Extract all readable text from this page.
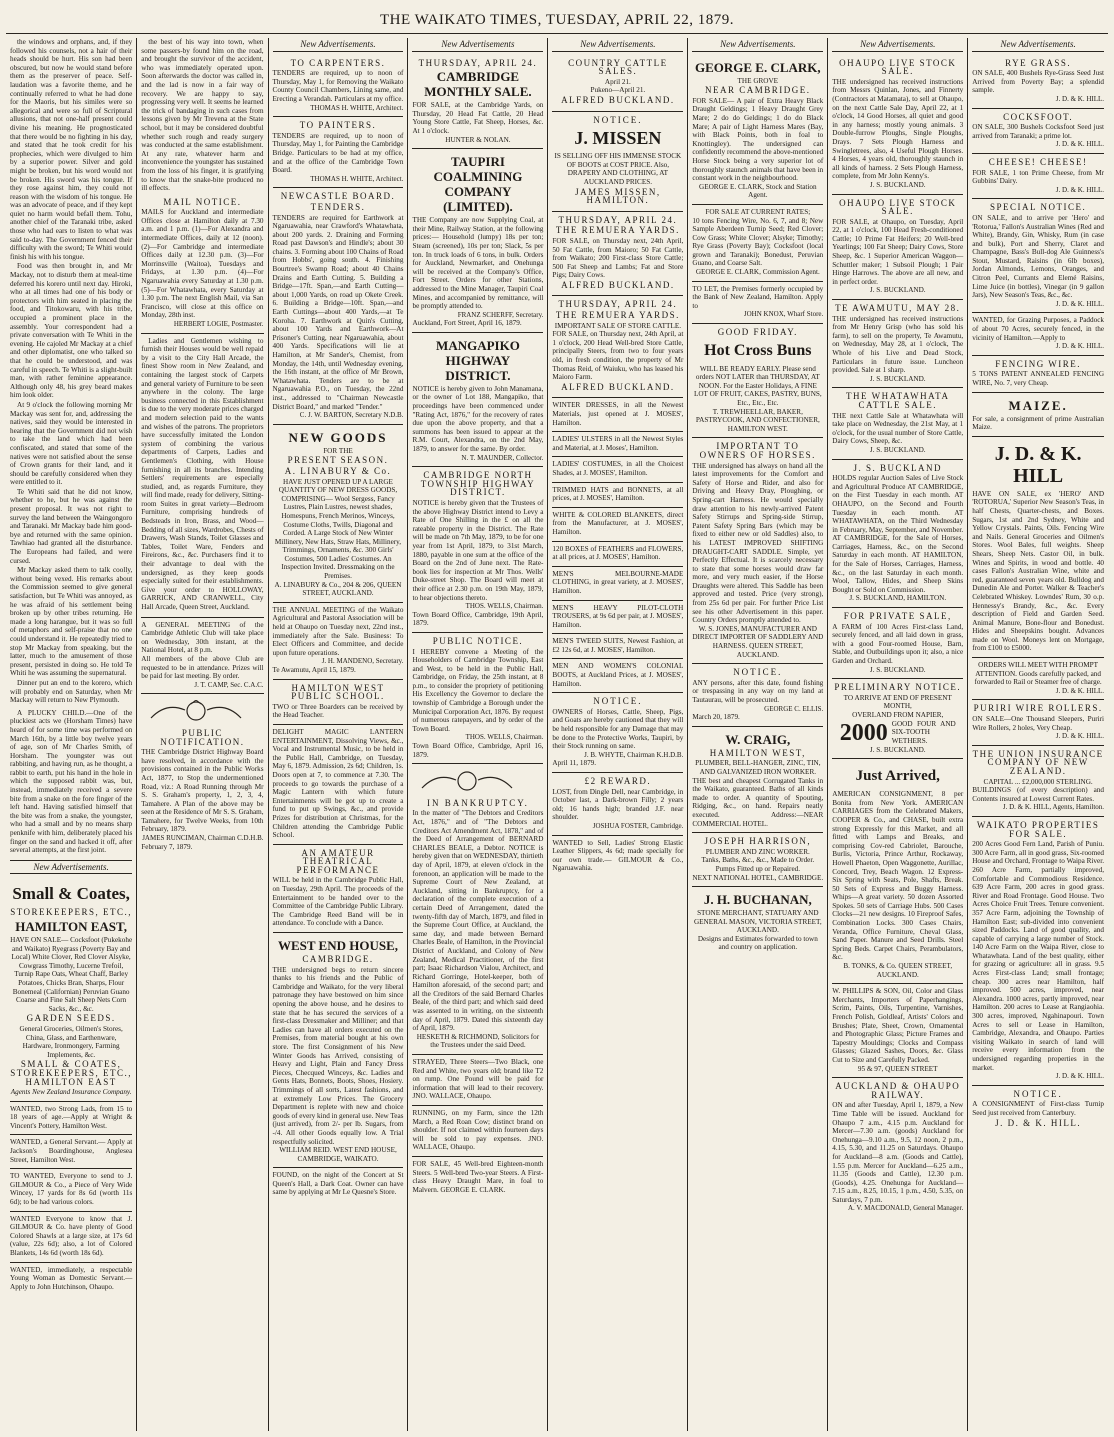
THE WAIKATO TIMES, TUESDAY, APRIL 22, 1879.

the windows and orphans, and, if they followed his counsels, not a hair of their heads should be hurt. His son had been obscured, but now he would stand before them as the preserver of peace. Self-laudation was a favorite theme, and he continually referred to what he had done for the Maoris, but his similes were so allegorical and were so full of Scriptural allusions, that not one-half present could divine his meaning. He prognosticated that there would be no fighting in his day, and stated that he took credit for his prophecies, which were divulged to him by a superior power. Silver and gold might be broken, but his word would not be broken. His sword was his tongue. If they rose against him, they could not reason with the wisdom of his tongue. He was an advocate of peace, and if they kept quiet no harm would befall them. Tohu, another chief of the Taranaki tribe, asked those who had ears to listen to what was said to-day. The Government fenced their difficulty with the sword; Te Whiti would finish his with his tongue.

Food was then brought in, and Mr Mackay, not to disturb them at meal-time deferred his korero until next day. Hiroki, who at all times had one of his body or protectors with him seated in placing the food, and Titokowaru, with his tribe, occupied a prominent place in the assembly. Your correspondent had a private conversation with Te Whiti in the evening. He cajoled Mr Mackay at a chief and other diplomatist, one who talked so that he could be understood, and was careful in speech. Te Whiti is a slight-built man, with rather feminine appearance. Although only 48, his grey beard makes him look older.

At 9 o'clock the following morning Mr Mackay was sent for, and, addressing the natives, said they would be interested in hearing that the Government did not wish to take the land which had been confiscated, and stated that some of the natives were not satisfied about the sense of Crown grants for their land, and it should be carefully considered when they were entitled to it.

Te Whiti said that he did not know, whether to he, but he was against the present proposal. It was not right to survey the land between the Waingongoro and Taranaki. Mr Mackay bade him good-bye and returned with the same opinion. Tawhiao had granted all the disturbance. The Europeans had failed, and were cursed.

Mr Mackay asked them to talk coolly, without being vexed. His remarks about the Commission seemed to give general satisfaction, but Te Whiti was annoyed, as he was afraid of his settlement being broken up by other tribes returning. He made a long harangue, but it was so full of metaphors and self-praise that no one could understand it. He repeatedly tried to stop Mr Mackay from speaking, but the latter, much to the amusement of those present, persisted in doing so. He told Te Whiti he was assuming the supernatural.

Dinner put an end to the korero, which will probably end on Saturday, when Mr Mackay will return to New Plymouth.

A PLUCKY CHILD.—One of the pluckiest acts we (Horsham Times) have heard of for some time was performed on March 16th, by a little boy twelve years of age, son of Mr Charles Smith, of Horsham. The youngster was out rabbiting, and having run, as he thought, a rabbit to earth, put his hand in the hole in which the supposed rabbit was, but, instead, immediately received a severe bite from a snake on the fore finger of the left hand. Having satisfied himself that the bite was from a snake, the youngster, who had a small and by no means sharp penknife with him, deliberately placed his finger on the sand and hacked it off, after several attempts, at the first joint.

New Advertisements.
Small & Coates,
STOREKEEPERS, ETC.,
HAMILTON EAST,
HAVE ON SALE— Cocksfoot (Pukekohe and Waikato) Ryegrass (Poverty Bay and Local) White Clover, Red Clover Alsyke, Cowgrass Timothy, Lucerne Trefoil, Turnip Rape Oats, Wheat Chaff, Barley Potatoes, Chicks Bran, Sharps, Flour Bonemeal (Californian) Peruvian Guano Coarse and Fine Salt Sheep Nets Corn Sacks, &c., &c.
GARDEN SEEDS.
General Groceries, Oilmen's Stores, China, Glass, and Earthenware, Hardware, Ironmongery, Farming Implements, &c.
SMALL & COATES, STOREKEEPERS, ETC., HAMILTON EAST
Agents New Zealand Insurance Company.
WANTED, two Strong Lads, from 15 to 18 years of age.—Apply at Wright & Vincent's Pottery, Hamilton West.
WANTED, a General Servant.— Apply at Jackson's Boardinghouse, Anglesea Street, Hamilton West.
TO WANTED, Everyone to send to J. GILMOUR & Co., a Piece of Very Wide Wincey, 17 yards for 8s 6d (worth 11s 6d); to be had various colors.
WANTED Everyone to know that J. GILMOUR & Co. have plenty of Good Colored Shawls at a large size, at 17s 6d (value, 22s 6d); also, a lot of Colored Blankets, 14s 6d (worth 18s 6d).
WANTED, immediately, a respectable Young Woman as Domestic Servant.—Apply to John Hutchinson, Ohaupo.

the best of his way into town, when some passers-by found him on the road, and brought the survivor of the accident, who was immediately operated upon. Soon afterwards the doctor was called in, and the lad is now in a fair way of recovery. We are happy to say, progressing very well. It seems he learned the trick of bandaging in such cases from lessons given by Mr Trevena at the State school, but it may be considered doubtful whether such rough and ready surgery was conducted at the same establishment. At any rate, whatever harm and inconvenience the youngster has sustained from the loss of his finger, it is gratifying to know that the snake-bite produced no ill effects.

MAIL NOTICE.
MAILS for Auckland and intermediate Offices close at Hamilton daily at 7.30 a.m. and 1 p.m. (1)—For Alexandra and intermediate Offices, daily at 12 (noon). (2)—For Cambridge and intermediate Offices daily at 12.30 p.m. (3)—For Morrinsville (Waitoa), Tuesdays and Fridays, at 1.30 p.m. (4)—For Ngaruawahia every Saturday at 1.30 p.m. (5)—For Whatawhata, every Saturday at 1.30 p.m. The next English Mail, via San Francisco, will close at this office on Monday, 28th inst.
HERBERT LOGIE, Postmaster.

Ladies and Gentlemen wishing to furnish their Houses would be well repaid by a visit to the City Hall Arcade, the finest Show room in New Zealand, and containing the largest stock of Carpets and general variety of Furniture to be seen anywhere in the colony. The large business connected in this Establishment is due to the very moderate prices charged and modern selection paid to the wants and wishes of the patrons. The proprietors have successfully imitated the London system of combining the various departments of Carpets, Ladies and Gentlemen's Clothing, with House furnishing in all its branches. Intending Settlers' requirements are especially studied, and, as regards Furniture, they will find made, ready for delivery, Sitting-room Suites in great variety—Bedroom Furniture, comprising hundreds of Bedsteads in Iron, Brass, and Wood—Bedding of all sizes, Wardrobes, Chests of Drawers, Wash Stands, Toilet Glasses and Tables, Toilet Ware, Fenders and Fireirons, &c., &c. Purchasers find it to their advantage to deal with the undersigned, as they keep goods especially suited for their establishments. Give your order to HOLLOWAY, GARRICK, AND CRANWELL, City Hall Arcade, Queen Street, Auckland.

A GENERAL MEETING of the Cambridge Athletic Club will take place on Wednesday, 30th instant, at the National Hotel, at 8 p.m.
All members of the above Club are requested to be in attendance. Prizes will be paid for last meeting. By order.
J. T. CAMP, Sec. C.A.C.
PUBLIC NOTIFICATION.
THE Cambridge District Highway Board have resolved, in accordance with the provisions contained in the Public Works Act, 1877, to Stop the undermentioned Road, viz.: A Road Running through Mr S. S. Graham's property, 1, 2, 3, 4, Tamahere. A Plan of the above may be seen at the Residence of Mr S. S. Graham, Tamahere, for Twelve Weeks, from 10th February, 1879.
JAMES RUNCIMAN, Chairman C.D.H.B.
February 7, 1879.
New Advertisements.
TO CARPENTERS.
TENDERS are required, up to noon of Thursday, May 1, for Removing the Waikato County Council Chambers, Lining same, and Erecting a Verandah. Particulars at my office.
THOMAS H. WHITE, Architect.
TO PAINTERS.
TENDERS are required, up to noon of Thursday, May 1, for Painting the Cambridge Bridge. Particulars to be had at my office, and at the office of the Cambridge Town Board.
THOMAS H. WHITE, Architect.
NEWCASTLE BOARD.
TENDERS.
TENDERS are required for Earthwork at Ngaruawahia, near Crawford's Whatawhata, about 200 yards. 2. Draining and Forming Road past Dawson's and Hindle's; about 30 chains. 3. Forming about 100 Chains of Road from Hobbs', going south. 4. Finishing Bourtree's Swamp Road; about 40 Chains Drains and Earth Cutting. 5. Building a Bridge—17ft. Span,—and Earth Cutting—about 1,000 Yards, on road up Okete Creek. 6. Building a Bridge—10ft. Span,—and Earth Cuttings—about 400 Yards,—at Te Koroha. 7. Earthwork at Quin's Cutting, about 100 Yards and Earthwork—At Prisoner's Cutting, near Ngaruawahia, about 400 Yards. Specifications will lie at Hamilton, at Mr Sander's, Chemist, from Monday, the 14th, until Wednesday evening, the 16th instant, at the office of Mr Brown, Whatawhata. Tenders are to be at Ngaruawahia P.O., on Tuesday, the 22nd inst., addressed to "Chairman Newcastle District Board," and marked "Tender."
C. J. W. BARTON, Secretary N.D.B.
NEW GOODS
FOR THE
PRESENT SEASON.
A. LINABURY & Co.
HAVE JUST OPENED UP A LARGE QUANTITY OF NEW DRESS GOODS, COMPRISING— Wool Sergess, Fancy Lustres, Plain Lustres, newest shades, Homespuns, French Merinos, Winceys, Costume Cloths, Twills, Diagonal and Corded. A Large Stock of New Winter Millinery, New Hats, Straw Hats, Millinery, Trimmings, Ornaments, &c. 300 Girls' Costumes, 500 Ladies' Costumes. An Inspection Invited. Dressmaking on the Premises.
A. LINABURY & Co., 204 & 206, QUEEN STREET, AUCKLAND.
THE ANNUAL MEETING of the Waikato Agricultural and Pastoral Association will be held at Ohaupo on Tuesday next, 22nd inst., immediately after the Sale. Business: To Elect Officers and Committee, and decide upon future operations.
J. H. MANDENO, Secretary.
Te Awamutu, April 15, 1879.
HAMILTON WEST PUBLIC SCHOOL.
TWO or Three Boarders can be received by the Head Teacher.
DELIGHT MAGIC LANTERN ENTERTAINMENT, Dissolving Views, &c., Vocal and Instrumental Music, to be held in the Public Hall, Cambridge, on Tuesday, May 6, 1879. Admission, 2s 6d; Children, 1s. Doors open at 7, to commence at 7.30. The proceeds to go towards the purchase of a Magic Lantern with which future Entertainments will be got up to create a fund to put up Swings, &c., and provide Prizes for distribution at Christmas, for the Children attending the Cambridge Public School.
AN AMATEUR THEATRICAL PERFORMANCE
WILL be held in the Cambridge Public Hall, on Tuesday, 29th April. The proceeds of the Entertainment to be handed over to the Committee of the Cambridge Public Library. The Cambridge Reed Band will be in attendance. To conclude with a Dance.
WEST END HOUSE,
CAMBRIDGE.
THE undersigned begs to return sincere thanks to his friends and the Public of Cambridge and Waikato, for the very liberal patronage they have bestowed on him since opening the above house, and he desires to state that he has secured the services of a first-class Dressmaker and Milliner; and that Ladies can have all orders executed on the Premises, from material bought at his own store. The first Consignment of his New Winter Goods has Arrived, consisting of Heavy and Light, Plain and Fancy Dress Pieces, Checqued Winceys, &c. Ladies and Gents Hats, Bonnets, Boots, Shoes, Hosiery. Trimmings of all sorts, Latest fashions, and at extremely Low Prices. The Grocery Department is replete with new and choice goods of every kind in general use. New Teas (just arrived), from 2/- per lb. Sugars, from -/4. All other Goods equally low. A Trial respectfully solicited.
WILLIAM REID. WEST END HOUSE, CAMBRIDGE, WAIKATO.
FOUND, on the night of the Concert at St Queen's Hall, a Dark Coat. Owner can have same by applying at Mr Le Quesne's Store.
New Advertisements
THURSDAY, APRIL 24.
CAMBRIDGE MONTHLY SALE.
FOR SALE, at the Cambridge Yards, on Thursday, 20 Head Fat Cattle, 20 Head Young Store Cattle, Fat Sheep, Horses, &c. At 1 o'clock.
HUNTER & NOLAN.
TAUPIRI COALMINING COMPANY (LIMITED).
THE Company are now Supplying Coal, at their Mine, Railway Station, at the following prices:— Household (lumpy) 18s per ton; Steam (screened), 10s per ton; Slack, 5s per ton. In truck loads of 6 tons, in bulk. Orders for Auckland, Newmarket, and Onehunga will be received at the Company's Office, Fort Street. Orders for other Stations, addressed to the Mine Manager, Taupiri Coal Mines, and accompanied by remittance, will be promptly attended to.
FRANZ SCHERFF, Secretary.
Auckland, Fort Street, April 16, 1879.
MANGAPIKO HIGHWAY DISTRICT.
NOTICE is hereby given to John Manamana, or the owner of Lot 188, Mangapiko, that proceedings have been commenced under "Rating Act, 1876," for the recovery of rates due upon the above property, and that a summons has been issued to appear at the R.M. Court, Alexandra, on the 2nd May, 1879, to answer for the same. By order.
N. T. MAUNDER, Collector.
CAMBRIDGE NORTH TOWNSHIP HIGHWAY DISTRICT.
NOTICE is hereby given that the Trustees of the above Highway District intend to Levy a Rate of One Shilling in the £ on all the rateable property in the District. The Rate will be made on 7th May, 1879, to be for one year from 1st April, 1879, to 31st March, 1880, payable in one sum at the office of the Board on the 2nd of June next. The Rate-book lies for inspection at Mr Thos. Wells' Duke-street Shop. The Board will meet at their office at 2.30 p.m. on 19th May, 1879, to hear objections thereto.
THOS. WELLS, Chairman.
Town Board Office, Cambridge, 19th April, 1879.
PUBLIC NOTICE.
I HEREBY convene a Meeting of the Householders of Cambridge Township, East and West, to be held in the Public Hall, Cambridge, on Friday, the 25th instant, at 8 p.m., to consider the propriety of petitioning His Excellency the Governor to declare the township of Cambridge a Borough under the Municipal Corporation Act, 1876. By request of numerous ratepayers, and by order of the Town Board.
THOS. WELLS, Chairman.
Town Board Office, Cambridge, April 16, 1879.
IN BANKRUPTCY.
In the matter of "The Debtors and Creditors Act, 1876," and of "The Debtors and Creditors Act Amendment Act, 1878," and of the Deed of Arrangement of BERNARD CHARLES BEALE, a Debtor. NOTICE is hereby given that on WEDNESDAY, thirtieth day of April, 1879, at eleven o'clock in the forenoon, an application will be made to the Supreme Court of New Zealand, at Auckland, sitting in Bankruptcy, for a declaration of the complete execution of a certain Deed of Arrangement, dated the twenty-fifth day of March, 1879, and filed in the Supreme Court Office, at Auckland, the same day, and made between Bernard Charles Beale, of Hamilton, in the Provincial District of Auckland, and Colony of New Zealand, Medical Practitioner, of the first part; Isaac Richardson Vialou, Architect, and Richard Gorringe, Hotel-keeper, both of Hamilton aforesaid, of the second part; and all the Creditors of the said Bernard Charles Beale, of the third part; and which said deed was assented to in writing, on the sixteenth day of April, 1879. Dated this sixteenth day of April, 1879.
HESKETH & RICHMOND, Solicitors for the Trustees under the said Deed.
STRAYED, Three Steers—Two Black, one Red and White, two years old; brand like T2 on rump. One Pound will be paid for information that will lead to their recovery. JNO. WALLACE, Ohaupo.
RUNNING, on my Farm, since the 12th March, a Red Roan Cow; distinct brand on shoulder. If not claimed within fourteen days will be sold to pay expenses. JNO. WALLACE, Ohaupo.
FOR SALE, 45 Well-bred Eighteen-month Steers. 5 Well-bred Two-year Steers. A First-class Heavy Draught Mare, in foal to Malvern. GEORGE E. CLARK.
New Advertisements.
COUNTRY CATTLE SALES.
April 21.
Pukeno—April 21.
ALFRED BUCKLAND.
NOTICE.
J. MISSEN
IS SELLING OFF HIS IMMENSE STOCK OF BOOTS at COST PRICE. Also, DRAPERY AND CLOTHING, AT AUCKLAND PRICES.
JAMES MISSEN, HAMILTON.
THURSDAY, APRIL 24.
THE REMUERA YARDS.
FOR SALE, on Thursday next, 24th April, 50 Fat Cattle, from Maioro; 50 Fat Cattle, from Waikato; 200 First-class Store Cattle; 500 Fat Sheep and Lambs; Fat and Store Pigs; Dairy Cows.
ALFRED BUCKLAND.
THURSDAY, APRIL 24.
THE REMUERA YARDS.
IMPORTANT SALE OF STORE CATTLE.
FOR SALE, on Thursday next, 24th April, at 1 o'clock, 200 Head Well-bred Store Cattle, principally Steers, from two to four years old, in fresh condition, the property of Mr Thomas Reid, of Waiuku, who has leased his Maioro Farm.
ALFRED BUCKLAND.
WINTER DRESSES, in all the Newest Materials, just opened at J. MOSES', Hamilton.
LADIES' ULSTERS in all the Newest Styles and Material, at J. Moses', Hamilton.
LADIES' COSTUMES, in all the Choicest Shades, at J. MOSES', Hamilton.
TRIMMED HATS and BONNETS, at all prices, at J. MOSES', Hamilton.
WHITE & COLORED BLANKETS, direct from the Manufacturer, at J. MOSES', Hamilton.
120 BOXES of FEATHERS and FLOWERS, at all prices, at J. MOSES', Hamilton.
MEN'S MELBOURNE-MADE CLOTHING, in great variety, at J. MOSES', Hamilton.
MEN'S HEAVY PILOT-CLOTH TROUSERS, at 9s 6d per pair, at J. MOSES', Hamilton.
MEN'S TWEED SUITS, Newest Fashion, at £2 12s 6d, at J. MOSES', Hamilton.
MEN AND WOMEN'S COLONIAL BOOTS, at Auckland Prices, at J. MOSES', Hamilton.
NOTICE.
OWNERS of Horses, Cattle, Sheep, Pigs, and Goats are hereby cautioned that they will be held responsible for any Damage that may be done to the Protective Works, Taupiri, by their Stock running on same.
J. B. WHYTE, Chairman K.H.D.B.
April 11, 1879.
£2 REWARD.
LOST, from Dingle Dell, near Cambridge, in October last, a Dark-brown Filly; 2 years old; 16 hands high; branded J.F. near shoulder.
JOSHUA FOSTER, Cambridge.
WANTED to Sell, Ladies' Strong Elastic Leather Slippers, 4s 6d; made specially for our own trade.— GILMOUR & Co., Ngaruawahia.
New Advertisements.
GEORGE E. CLARK,
THE GROVE
NEAR CAMBRIDGE.
FOR SALE— A pair of Extra Heavy Black Draught Geldings; 1 Heavy Draught Grey Mare; 2 do do Geldings; 1 do do Black Mare; A pair of Light Harness Mares (Bay, with Black Points, both in foal to Knottingley). The undersigned can confidently recommend the above-mentioned Horse Stock being a very superior lot of thoroughly staunch animals that have been in constant work in the neighbourhood.
GEORGE E. CLARK, Stock and Station Agent.
FOR SALE AT CURRENT RATES;
10 tons Fencing Wire, No. 6, 7, and 8; New Sample Aberdeen Turnip Seed; Red Clover; Cow Grass; White Clover; Alsyke; Timothy; Rye Grass (Poverty Bay); Cocksfoot (local grown and Taranaki); Bonedust, Peruvian Guano, and Coarse Salt.
GEORGE E. CLARK, Commission Agent.
TO LET, the Premises formerly occupied by the Bank of New Zealand, Hamilton. Apply to
JOHN KNOX, Wharf Store.
GOOD FRIDAY.
Hot Cross Buns
WILL BE READY EARLY. Please send orders NOT LATER than THURSDAY, AT NOON. For the Easter Holidays, A FINE LOT OF FRUIT, CAKES, PASTRY, BUNS, Etc., Etc., Etc.
T. TREWHEELLAR, BAKER, PASTRYCOOK, AND CONFECTIONER, HAMILTON WEST.
IMPORTANT TO OWNERS OF HORSES.
THE undersigned has always on hand all the latest improvements for the Comfort and Safety of Horse and Rider, and also for Driving and Heavy Dray, Ploughing, or Spring-cart Harness. He would specially draw attention to his newly-arrived Patent Safety Stirrups and Spring-side Stirrup, Patent Safety Spring Bars (which may be fixed to either new or old Saddles) also, to his LATEST IMPROVED SHIFTING DRAUGHT-CART SADDLE. Simple, yet Perfectly Effectual. It is scarcely necessary to state that some horses would draw far more, and very much easier, if the Horse Draughts were altered. This Saddle has been approved and tested. Price (very strong), from 25s 6d per pair. For further Price List see his other Advertisement in this paper. Country Orders promptly attended to.
W. S. JONES, MANUFACTURER AND DIRECT IMPORTER OF SADDLERY AND HARNESS. QUEEN STREET, AUCKLAND.
NOTICE.
ANY persons, after this date, found fishing or trespassing in any way on my land at Tautaurau, will be prosecuted.
GEORGE C. ELLIS.
March 20, 1879.
W. CRAIG,
HAMILTON WEST,
PLUMBER, BELL-HANGER, ZINC, TIN, AND GALVANIZED IRON WORKER.
THE best and cheapest Corrugated Tanks in the Waikato, guaranteed. Baths of all kinds made to order. A quantity of Spouting, Ridging, &c., on hand. Repairs neatly executed. Address:—NEAR COMMERCIAL HOTEL.
JOSEPH HARRISON,
PLUMBER AND ZINC WORKER.
Tanks, Baths, &c., &c., Made to Order. Pumps Fitted up or Repaired.
NEXT NATIONAL HOTEL, CAMBRIDGE.
J. H. BUCHANAN,
STONE MERCHANT, STATUARY AND GENERAL MASON, VICTORIA STREET, AUCKLAND.
Designs and Estimates forwarded to town and country on application.
New Advertisements.
OHAUPO LIVE STOCK SALE.
THE undersigned has received instructions from Messrs Quinlan, Jones, and Finnerty (Contractors at Matamata), to sell at Ohaupo, on the next Cattle Sale Day, April 22, at 1 o'clock, 14 Good Horses, all quiet and good in any harness; mostly young animals. 3 Double-furrow Ploughs, Single Ploughs, Drays. 7 Sets Plough Harness and Swingletrees, also, 4 Useful Plough Horses. 4 Horses, 4 years old, thoroughly staunch in all kinds of harness. 2 Sets Plough Harness, complete, from Mr John Kenny's.
J. S. BUCKLAND.
OHAUPO LIVE STOCK SALE.
FOR SALE, at Ohaupo, on Tuesday, April 22, at 1 o'clock, 100 Head Fresh-conditioned Cattle; 10 Prime Fat Heifers; 20 Well-bred Yearlings; 100 Fat Sheep; Dairy Cows, Store Sheep, &c. 1 Superior American Waggon—Schuttler maker; 1 Subsoil Plough; 1 Pair Hinge Harrows. The above are all new, and in perfect order.
J. S. BUCKLAND.
TE AWAMUTU, MAY 28.
THE undersigned has received instructions from Mr Henry Grisp (who has sold his farm), to sell on the property, Te Awamutu, on Wednesday, May 28, at 1 o'clock, The Whole of his Live and Dead Stock, Particulars in future issue. Luncheon provided. Sale at 1 sharp.
J. S. BUCKLAND.
THE WHATAWHATA CATTLE SALE.
THE next Cattle Sale at Whatawhata will take place on Wednesday, the 21st May, at 1 o'clock, for the usual number of Store Cattle, Dairy Cows, Sheep, &c.
J. S. BUCKLAND.
J. S. BUCKLAND
HOLDS regular Auction Sales of Live Stock and Agricultural Produce AT CAMBRIDGE, on the First Tuesday in each month. AT OHAUPO, on the Second and Fourth Tuesday in each month. AT WHATAWHATA, on the Third Wednesday in February, May, September, and November. AT CAMBRIDGE, for the Sale of Horses, Carriages, Harness, &c., on the Second Saturday in each month. AT HAMILTON, for the Sale of Horses, Carriages, Harness, &c., on the last Saturday in each month. Wool, Tallow, Hides, and Sheep Skins Bought or Sold on Commission.
J. S. BUCKLAND, HAMILTON.
FOR PRIVATE SALE,
A FARM of 100 Acres First-class Land, securely fenced, and all laid down in grass, with a good Four-roomed House, Barn, Stable, and Outbuildings upon it; also, a nice Garden and Orchard.
J. S. BUCKLAND.
PRELIMINARY NOTICE.
TO ARRIVE AT END OF PRESENT MONTH,
OVERLAND FROM NAPIER,
2000 GOOD FOUR AND SIX-TOOTH WETHERS.
J. S. BUCKLAND.
Just Arrived,
AMERICAN CONSIGNMENT, 8 per Bonita from New York. AMERICAN CARRIAGES from the Celebrated Makers, COOPER & Co., and CHASE, built extra strong Expressly for this Market, and all fitted with Lamps and Breaks, and comprising Cov-red Cabriolet, Barouche, Burlis, Victoria, Prince Arthur, Rockaway, Howell Phaeton, Open Waggonette, Aurillac, Concord, Trey, Beach Wagon. 12 Express-Six Spring with Seats, Pole, Shafts, Break. 50 Sets of Express and Buggy Harness. Whips—A great variety. 50 dozen Assorted Spokes. 50 sets of Carriage Hubs. 500 Cases Clocks—21 new designs. 10 Fireproof Safes, Combination Locks. 300 Cases Chairs, Veranda, Office Furniture, Cheval Glass, Sand Paper. Manure and Seed Drills. Steel Spring Beds. Carpet Chairs, Perambulators, &c.
B. TONKS, & Co. QUEEN STREET, AUCKLAND.
W. PHILLIPS & SON, Oil, Color and Glass Merchants, Importers of Paperhangings, Scrim, Paints, Oils, Turpentine, Varnishes, French Polish, Goldleaf, Artists' Colors and Brushes; Plate, Sheet, Crown, Ornamental and Photographic Glass; Picture Frames and Tapestry Mouldings; Clocks and Compass Glasses; Glazed Sashes, Doors, &c. Glass Cut to Size and Carefully Packed.
95 & 97, QUEEN STREET
AUCKLAND & OHAUPO RAILWAY.
ON and after Tuesday, April 1, 1879, a New Time Table will be issued. Auckland for Ohaupo 7 a.m., 4.15 p.m. Auckland for Mercer—7.30 a.m. (goods) Auckland for Onehunga—9.10 a.m., 9.5, 12 noon, 2 p.m., 4.15, 5.30, and 11.25 on Saturdays. Ohaupo for Auckland—8 a.m. (Goods and Cattle), 1.55 p.m. Mercer for Auckland—6.25 a.m., 11.35 (Goods and Cattle), 12.30 p.m. (Goods), 4.25. Onehunga for Auckland—7.15 a.m., 8.25, 10.15, 1 p.m., 4.50, 5.35, on Saturdays, 7 p.m.
A. V. MACDONALD, General Manager.
New Advertisements.
RYE GRASS.
ON SALE, 400 Bushels Rye-Grass Seed Just Arrived from Poverty Bay; a splendid sample.
J. D. & K. HILL.
COCKSFOOT.
ON SALE, 300 Bushels Cocksfoot Seed just arrived from Taranaki; a prime lot.
J. D. & K. HILL.
CHEESE! CHEESE!
FOR SALE, 1 ton Prime Cheese, from Mr Gubbins' Dairy.
J. D. & K. HILL.
SPECIAL NOTICE.
ON SALE, and to arrive per 'Hero' and 'Rotorua,' Fallon's Australian Wines (Red and White), Brandy, Gin, Whisky, Rum (in case and bulk), Port and Sherry, Claret and Champagne, Bass's Bull-dog Ale Guinness's Stout, Mustard, Raisins (in 6lb boxes), Jordan Almonds, Lemons, Oranges, and Citron Peel, Currants and Elemé Raisins, Lime Juice (in bottles), Vinegar (in 9 gallon Jars), New Season's Teas, &c., &c.
J. D. & K. HILL.
WANTED, for Grazing Purposes, a Paddock of about 70 Acres, securely fenced, in the vicinity of Hamilton.—Apply to
J. D. & K. HILL.
FENCING WIRE.
5 TONS PATENT ANNEALED FENCING WIRE, No. 7, very Cheap.
MAIZE.
For sale, a consignment of prime Australian Maize.
J. D. & K. HILL
HAVE ON SALE, ex 'HERO' AND 'ROTORUA,' Superior New Season's Teas, in half Chests, Quarter-chests, and Boxes. Sugars, 1st and 2nd Sydney, White and Yellow Crystals. Paints, Oils. Fencing Wire and Nails. General Groceries and Oilmen's Stores. Wool Bales, full weights. Sheep Shears, Sheep Nets. Castor Oil, in bulk. Wines and Spirits, in wood and bottle. 40 cases Fallon's Australian Wine, white and red, guaranteed seven years old. Bulldog and Dunedin Ale and Porter. Walker & Teacher's Celebrated Whiskey. Lowndes' Rum, 30 o.p. Hennessy's Brandy, &c., &c. Every description of Field and Garden Seed. Animal Manure, Bone-flour and Bonedust. Hides and Sheepskins bought. Advances made on Wool. Moneys lent on Mortgage, from £100 to £5000.
ORDERS WILL MEET WITH PROMPT ATTENTION. Goods carefully packed, and forwarded to Rail or Steamer free of charge.
J. D. & K. HILL.
PURIRI WIRE ROLLERS.
ON SALE—One Thousand Sleepers, Puriri Wire Rollers, 2 holes, Very Cheap.
J. D. & K. HILL.
THE UNION INSURANCE COMPANY OF NEW ZEALAND.
CAPITAL ... £2,000,000 STERLING.
BUILDINGS (of every description) and Contents insured at Lowest Current Rates.
J. D. & K. HILL, Agents, Hamilton.
WAIKATO PROPERTIES FOR SALE.
200 Acres Good Fern Land, Parish of Puniu. 300 Acre Farm, all in good grass, Six-roomed House and Orchard, Frontage to Waipa River. 260 Acre Farm, partially improved, Comfortable and Commodious Residence. 639 Acre Farm, 200 acres in good grass. River and Road Frontage. Good House. Two Acres Choice Fruit Trees. Tenure convenient. 357 Acre Farm, adjoining the Township of Hamilton East; sub-divided into convenient sized Paddocks. Land of good quality, and capable of carrying a large number of Stock. 140 Acre Farm on the Waipa River, close to Whatawhata. Land of the best quality, either for grazing or agriculture: all in grass. 9.5 Acres First-class Land; small frontage; cheap. 300 acres near Hamilton, half improved. 500 acres, improved, near Alexandra. 1000 acres, partly improved, near Hamilton. 200 acres to Lease at Rangiaohia. 300 acres, improved, Ngahinapouri. Town Acres to sell or Lease in Hamilton, Cambridge, Alexandra, and Ohaupo. Parties visiting Waikato in search of land will receive every information from the undersigned regarding properties in the market.
J. D. & K. HILL.
NOTICE.
A CONSIGNMENT of First-class Turnip Seed just received from Canterbury.
J. D. & K. HILL.
